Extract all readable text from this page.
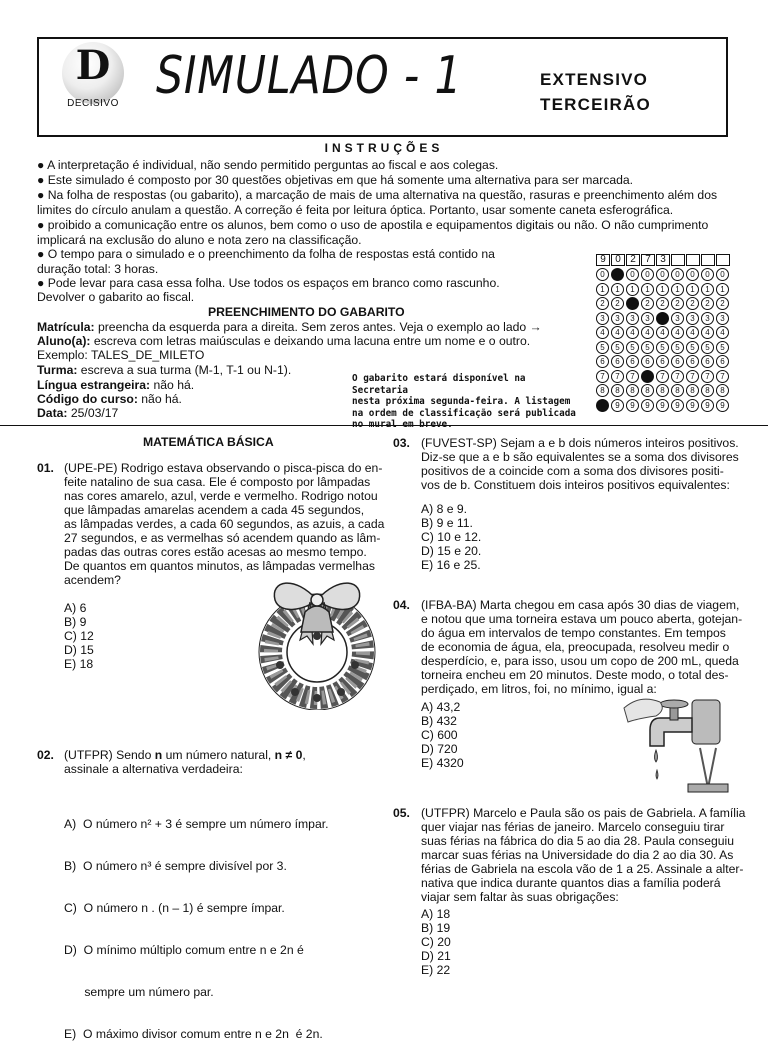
D
DECISIVO SIMULADO - 1	EXTENSIVO
TERCEIRÃO
INSTRUÇÕES
● A interpretação é individual, não sendo permitido perguntas ao fiscal e aos colegas.
● Este simulado é composto por 30 questões objetivas em que há somente uma alternativa para ser marcada.
● Na folha de respostas (ou gabarito), a marcação de mais de uma alternativa na questão, rasuras e preenchimento além dos
limites do círculo anulam a questão. A correção é feita por leitura óptica. Portanto, usar somente caneta esferográfica.
● proibido a comunicação entre os alunos, bem como o uso de apostila e equipamentos digitais ou não. O não cumprimento
implicará na exclusão do aluno e nota zero na classificação.
● O tempo para o simulado e o preenchimento da folha de respostas está contido na
duração total: 3 horas.
● Pode levar para casa essa folha. Use todos os espaços em branco como rascunho.
Devolver o gabarito ao fiscal.
PREENCHIMENTO DO GABARITO
Matrícula: preencha da esquerda para a direita. Sem zeros antes. Veja o exemplo ao lado →
Aluno(a): escreva com letras maiúsculas e deixando uma lacuna entre um nome e o outro.
Exemplo: TALES_DE_MILETO
Turma: escreva a sua turma (M-1, T-1 ou N-1).
Língua estrangeira: não há.
Código do curso: não há.
Data: 25/03/17
O gabarito estará disponível na Secretaria
nesta próxima segunda-feira. A listagem
na ordem de classificação será publicada
9 0 2 7 3
0	0	0	0	0	0	0	0	0
1	1	1	1	1	1	1	1	1
2	2	2	2	2	2	2	2	2
3	3	3	3	3	3	3	3	3
4	4	4	4	4	4	4	4	4
5	5	5	5	5	5	5	5	5
6	6	6	6	6	6	6	6	6
7	7	7	7	7	7	7	7	7
8	8	8	8	8	8	8	8	8
9	9	9	9	9	9	9	9	9
MATEMÁTICA BÁSICA
01. (UPE-PE) Rodrigo estava observando o pisca-pisca do en-
feite natalino de sua casa. Ele é composto por lâmpadas
nas cores amarelo, azul, verde e vermelho. Rodrigo notou
que lâmpadas amarelas acendem a cada 45 segundos,
as lâmpadas verdes, a cada 60 segundos, as azuis, a cada
27 segundos, e as vermelhas só acendem quando as lâm-
padas das outras cores estão acesas ao mesmo tempo.
De quantos em quantos minutos, as lâmpadas vermelhas
acendem?
A) 6
B) 9
C) 12
D) 15
E) 18
02. (UTFPR) Sendo n um número natural, n ≠ 0,
assinale a alternativa verdadeira:

A)  O número n² + 3 é sempre um número ímpar.

B)  O número n³ é sempre divisível por 3.

C)  O número n . (n – 1) é sempre ímpar.

D)  O mínimo múltiplo comum entre n e 2n é

sempre um número par.

E)  O máximo divisor comum entre n e 2n  é 2n.

03. (FUVEST-SP) Sejam a e b dois números inteiros positivos.
Diz-se que a e b são equivalentes se a soma dos divisores
positivos de a coincide com a soma dos divisores positi-
vos de b. Constituem dois inteiros positivos equivalentes:
A) 8 e 9.
B) 9 e 11.
C) 10 e 12.
D) 15 e 20.
E) 16 e 25.
04. (IFBA-BA) Marta chegou em casa após 30 dias de viagem,
e notou que uma torneira estava um pouco aberta, gotejan-
do água em intervalos de tempo constantes. Em tempos
de economia de água, ela, preocupada, resolveu medir o
desperdício, e, para isso, usou um copo de 200 mL, queda
torneira encheu em 20 minutos. Deste modo, o total des-
perdiçado, em litros, foi, no mínimo, igual a:
A) 43,2
B) 432
C) 600
D) 720
E) 4320
05. (UTFPR) Marcelo e Paula são os pais de Gabriela. A família
quer viajar nas férias de janeiro. Marcelo conseguiu tirar
suas férias na fábrica do dia 5 ao dia 28. Paula conseguiu
marcar suas férias na Universidade do dia 2 ao dia 30. As
férias de Gabriela na escola vão de 1 a 25. Assinale a alter-
nativa que indica durante quantos dias a família poderá
viajar sem faltar às suas obrigações:
A) 18
B) 19
C) 20
D) 21
E) 22
